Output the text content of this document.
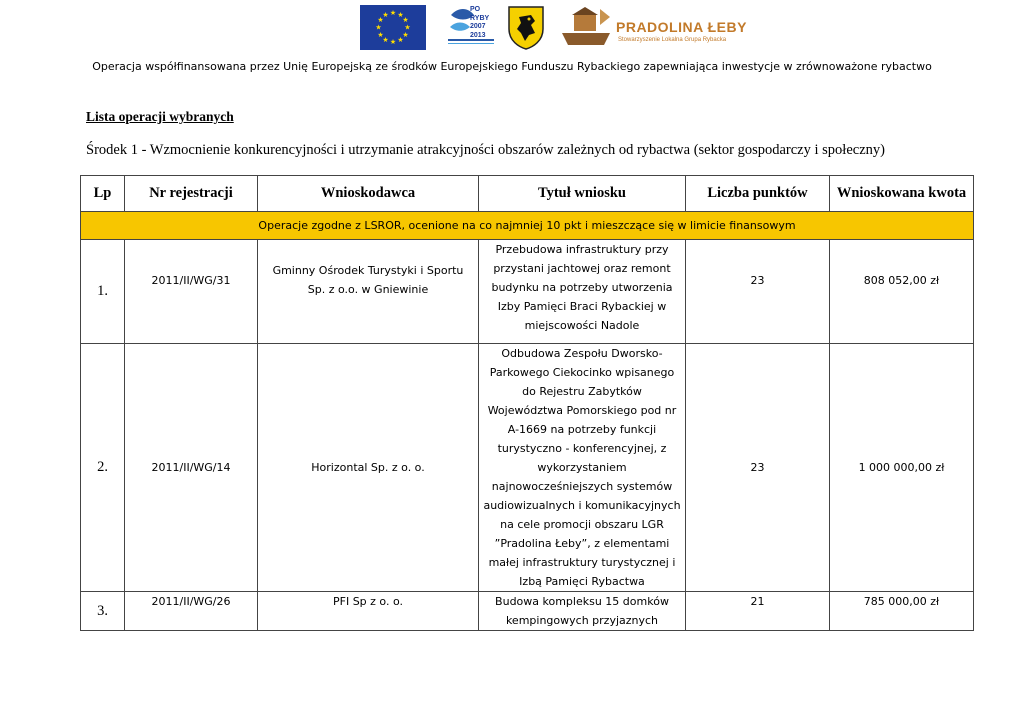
★ ★
★
★
★
★
★
★
★
★
★
★
PO RYBY
2007
2013	PRADOLINA ŁEBY
Stowarzyszenie Lokalna Grupa Rybacka
Operacja współfinansowana przez Unię Europejską ze środków Europejskiego Funduszu Rybackiego zapewniająca inwestycje w zrównoważone rybactwo
Lista operacji wybranych
Środek 1 - Wzmocnienie konkurencyjności i utrzymanie atrakcyjności obszarów zależnych od rybactwa (sektor gospodarczy i społeczny)
Lp	Nr rejestracji	Wnioskodawca	Tytuł wniosku	Liczba punktów	Wnioskowana kwota
Operacje zgodne z LSROR, ocenione na co najmniej 10 pkt i mieszczące się w limicie finansowym					
1.	2011/II/WG/31	Gminny Ośrodek Turystyki i Sportu Sp. z o.o. w Gniewinie	Przebudowa infrastruktury przy przystani jachtowej oraz remont budynku na potrzeby utworzenia Izby Pamięci Braci Rybackiej w miejscowości Nadole	23	808 052,00 zł

2.	2011/II/WG/14	Horizontal Sp. z o. o.	Odbudowa Zespołu Dworsko-Parkowego Ciekocinko wpisanego do Rejestru Zabytków Województwa Pomorskiego pod nr A-1669 na potrzeby funkcji turystyczno - konferencyjnej, z wykorzystaniem najnowocześniejszych systemów audiowizualnych i komunikacyjnych na cele promocji obszaru LGR ”Pradolina Łeby”, z elementami małej infrastruktury turystycznej i Izbą Pamięci Rybactwa	23	1 000 000,00 zł
3.	2011/II/WG/26	PFI Sp z o. o.	Budowa kompleksu 15 domków kempingowych przyjaznych	21	785 000,00 zł
